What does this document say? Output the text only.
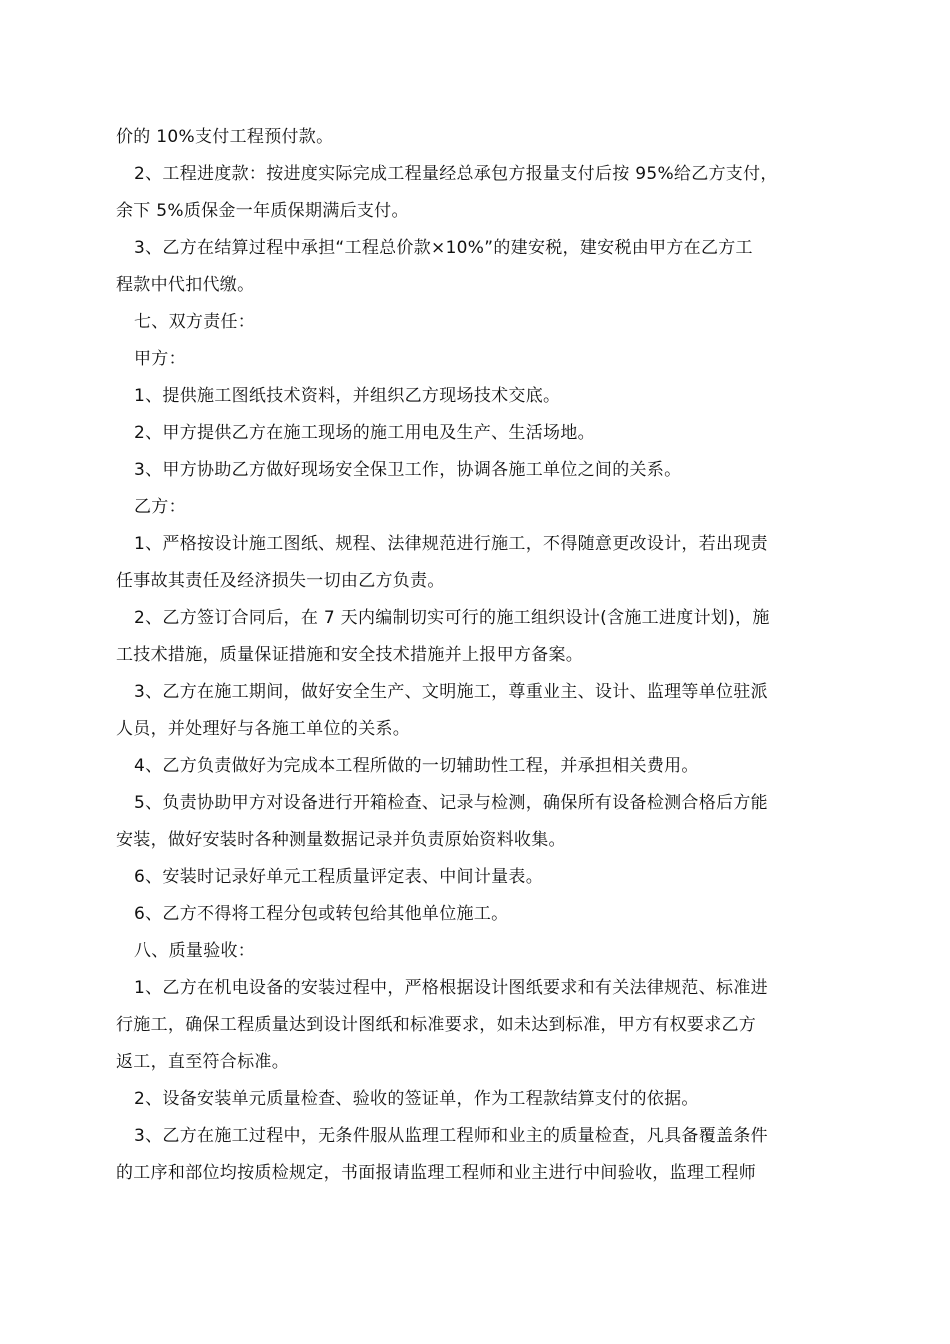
价的 10%支付工程预付款。
2、工程进度款：按进度实际完成工程量经总承包方报量支付后按 95%给乙方支付，
余下 5%质保金一年质保期满后支付。
3、乙方在结算过程中承担“工程总价款×10%”的建安税，建安税由甲方在乙方工
程款中代扣代缴。
七、双方责任：
甲方：
1、提供施工图纸技术资料，并组织乙方现场技术交底。
2、甲方提供乙方在施工现场的施工用电及生产、生活场地。
3、甲方协助乙方做好现场安全保卫工作，协调各施工单位之间的关系。
乙方：
1、严格按设计施工图纸、规程、法律规范进行施工，不得随意更改设计，若出现责
任事故其责任及经济损失一切由乙方负责。
2、乙方签订合同后，在 7 天内编制切实可行的施工组织设计(含施工进度计划)，施
工技术措施，质量保证措施和安全技术措施并上报甲方备案。
3、乙方在施工期间，做好安全生产、文明施工，尊重业主、设计、监理等单位驻派
人员，并处理好与各施工单位的关系。
4、乙方负责做好为完成本工程所做的一切辅助性工程，并承担相关费用。
5、负责协助甲方对设备进行开箱检查、记录与检测，确保所有设备检测合格后方能
安装，做好安装时各种测量数据记录并负责原始资料收集。
6、安装时记录好单元工程质量评定表、中间计量表。
6、乙方不得将工程分包或转包给其他单位施工。
八、质量验收：
1、乙方在机电设备的安装过程中，严格根据设计图纸要求和有关法律规范、标准进
行施工，确保工程质量达到设计图纸和标准要求，如未达到标准，甲方有权要求乙方
返工，直至符合标准。
2、设备安装单元质量检查、验收的签证单，作为工程款结算支付的依据。
3、乙方在施工过程中，无条件服从监理工程师和业主的质量检查，凡具备覆盖条件
的工序和部位均按质检规定，书面报请监理工程师和业主进行中间验收，监理工程师
